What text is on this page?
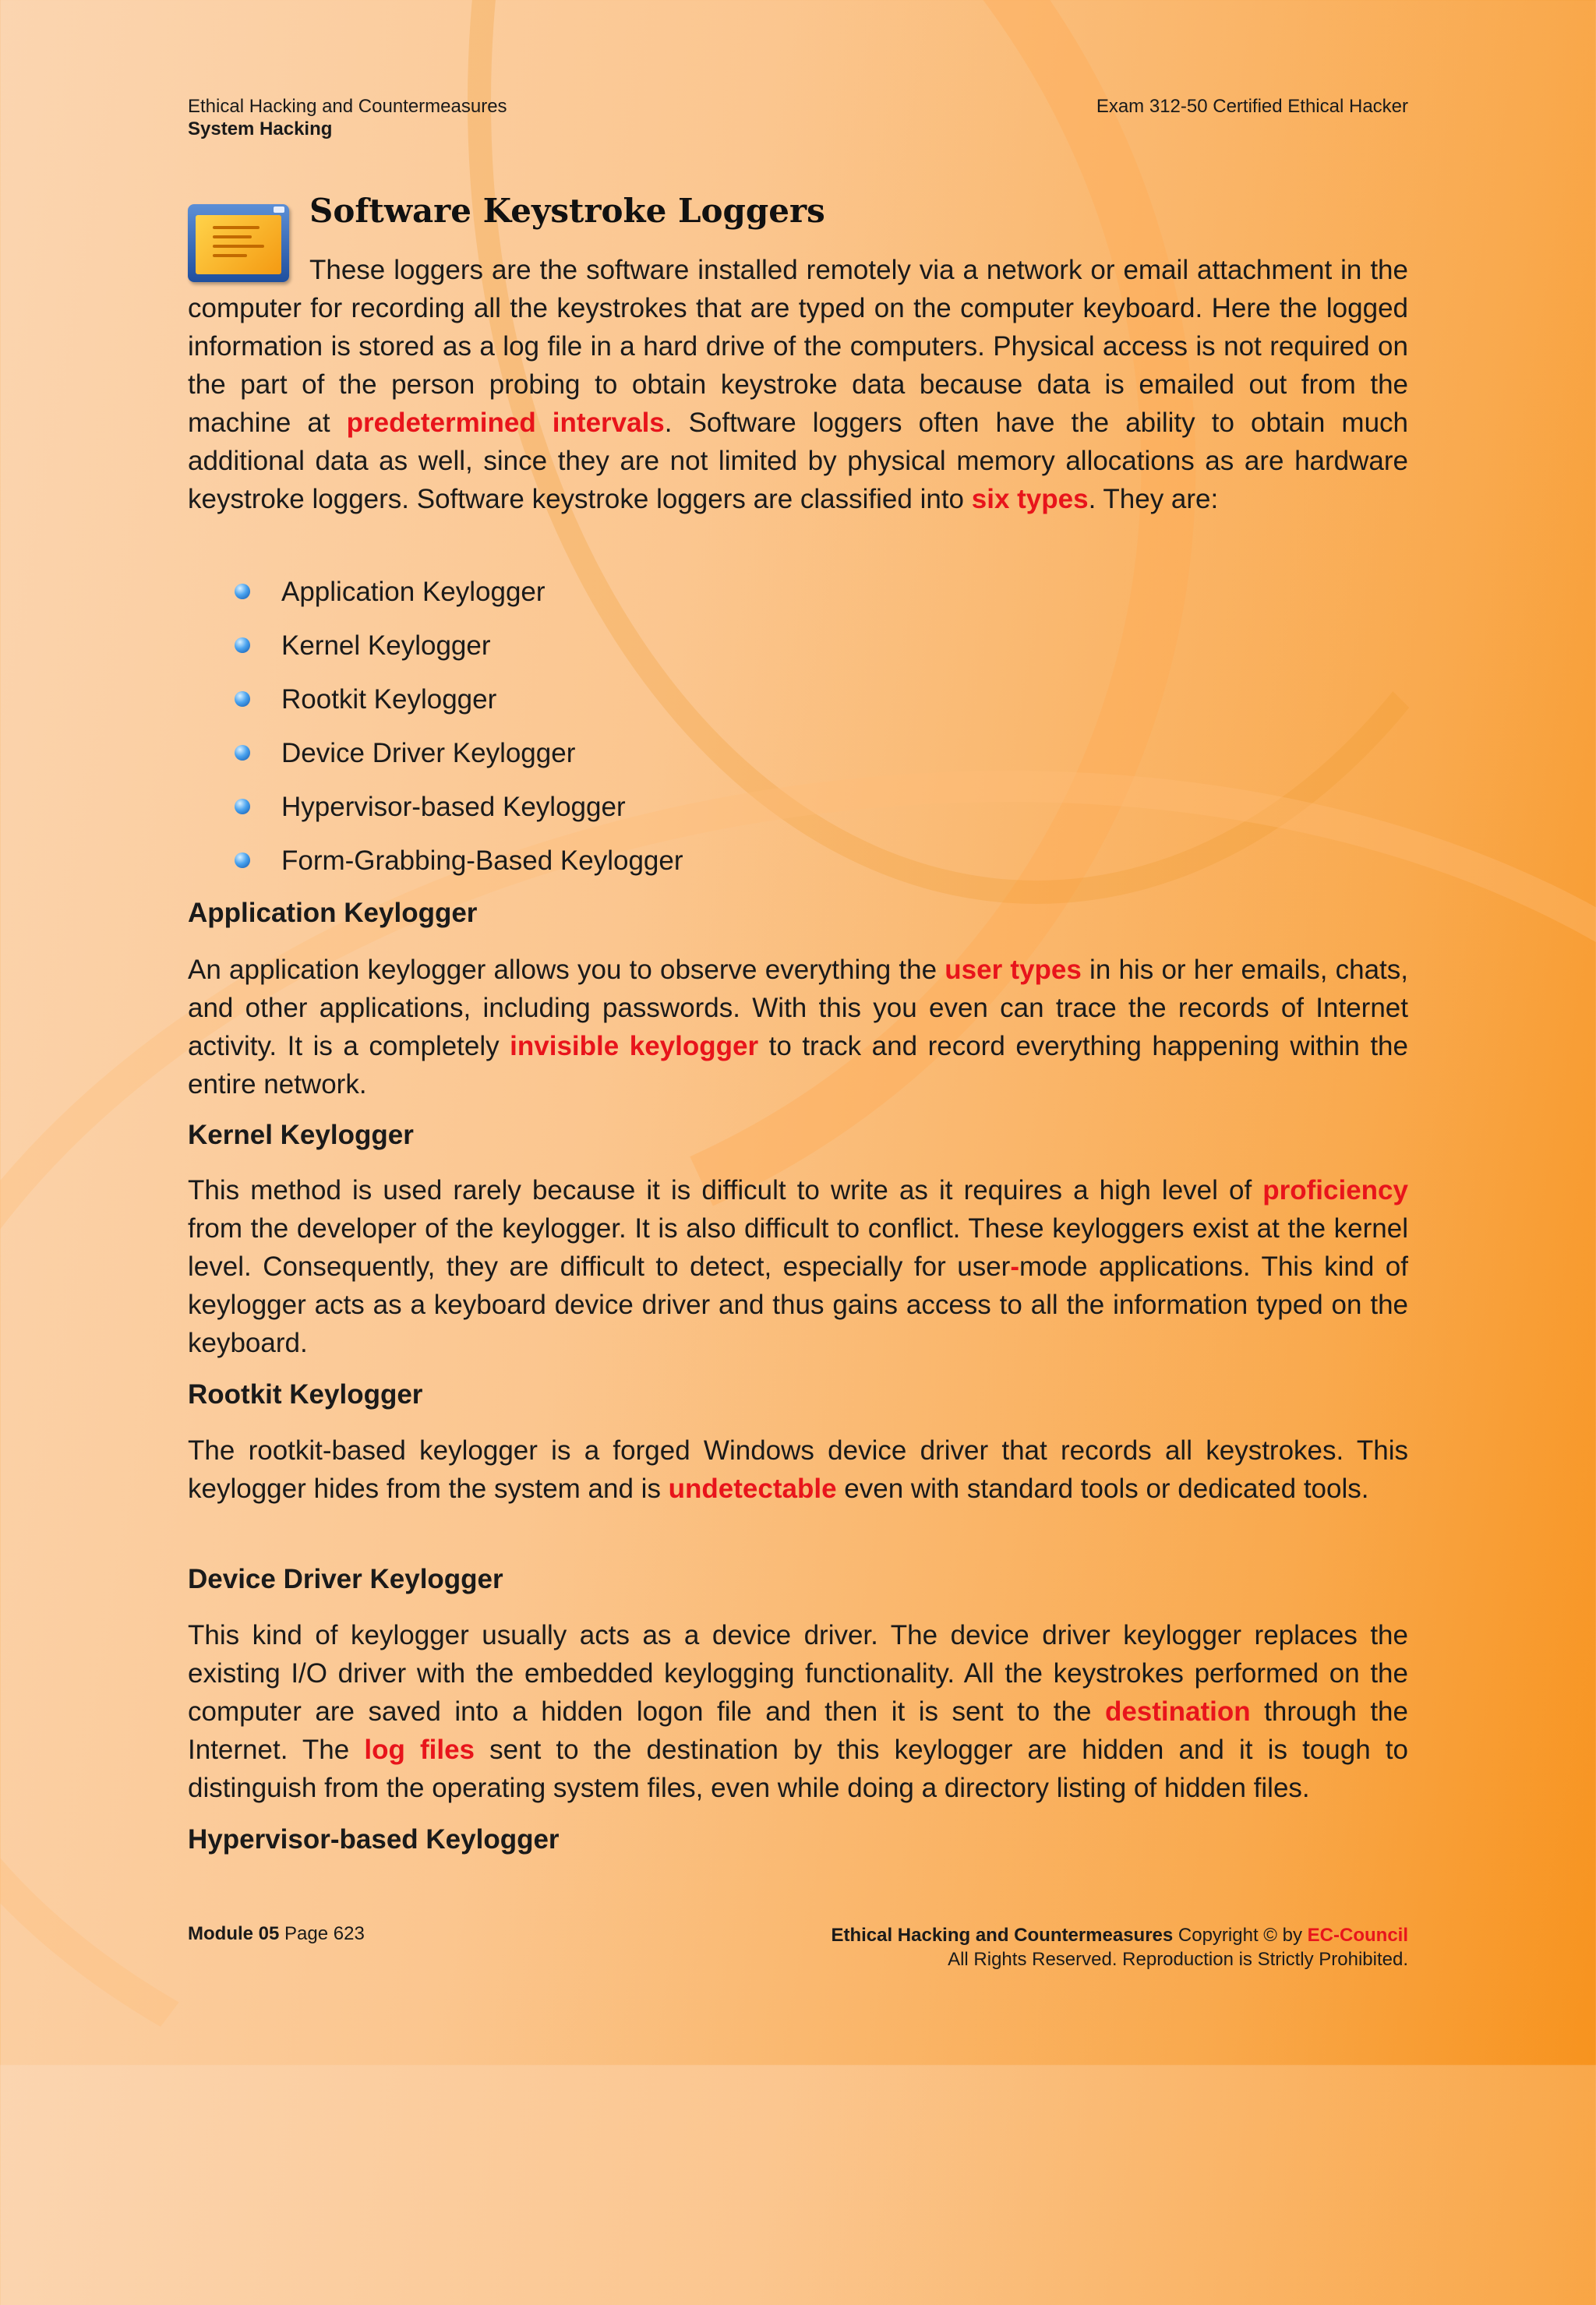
Ethical Hacking and Countermeasures
System Hacking
Exam 312-50 Certified Ethical Hacker
Software Keystroke Loggers
These loggers are the software installed remotely via a network or email attachment in the computer for recording all the keystrokes that are typed on the computer keyboard. Here the logged information is stored as a log file in a hard drive of the computers. Physical access is not required on the part of the person probing to obtain keystroke data because data is emailed out from the machine at predetermined intervals. Software loggers often have the ability to obtain much additional data as well, since they are not limited by physical memory allocations as are hardware keystroke loggers. Software keystroke loggers are classified into six types. They are:
Application Keylogger
Kernel Keylogger
Rootkit Keylogger
Device Driver Keylogger
Hypervisor-based Keylogger
Form-Grabbing-Based Keylogger
Application Keylogger
An application keylogger allows you to observe everything the user types in his or her emails, chats, and other applications, including passwords. With this you even can trace the records of Internet activity. It is a completely invisible keylogger to track and record everything happening within the entire network.
Kernel Keylogger
This method is used rarely because it is difficult to write as it requires a high level of proficiency from the developer of the keylogger. It is also difficult to conflict. These keyloggers exist at the kernel level. Consequently, they are difficult to detect, especially for user-mode applications. This kind of keylogger acts as a keyboard device driver and thus gains access to all the information typed on the keyboard.
Rootkit Keylogger
The rootkit-based keylogger is a forged Windows device driver that records all keystrokes. This keylogger hides from the system and is undetectable even with standard tools or dedicated tools.
Device Driver Keylogger
This kind of keylogger usually acts as a device driver. The device driver keylogger replaces the existing I/O driver with the embedded keylogging functionality. All the keystrokes performed on the computer are saved into a hidden logon file and then it is sent to the destination through the Internet. The log files sent to the destination by this keylogger are hidden and it is tough to distinguish from the operating system files, even while doing a directory listing of hidden files.
Hypervisor-based Keylogger
Module 05 Page 623	Ethical Hacking and Countermeasures Copyright © by EC-Council
All Rights Reserved. Reproduction is Strictly Prohibited.
